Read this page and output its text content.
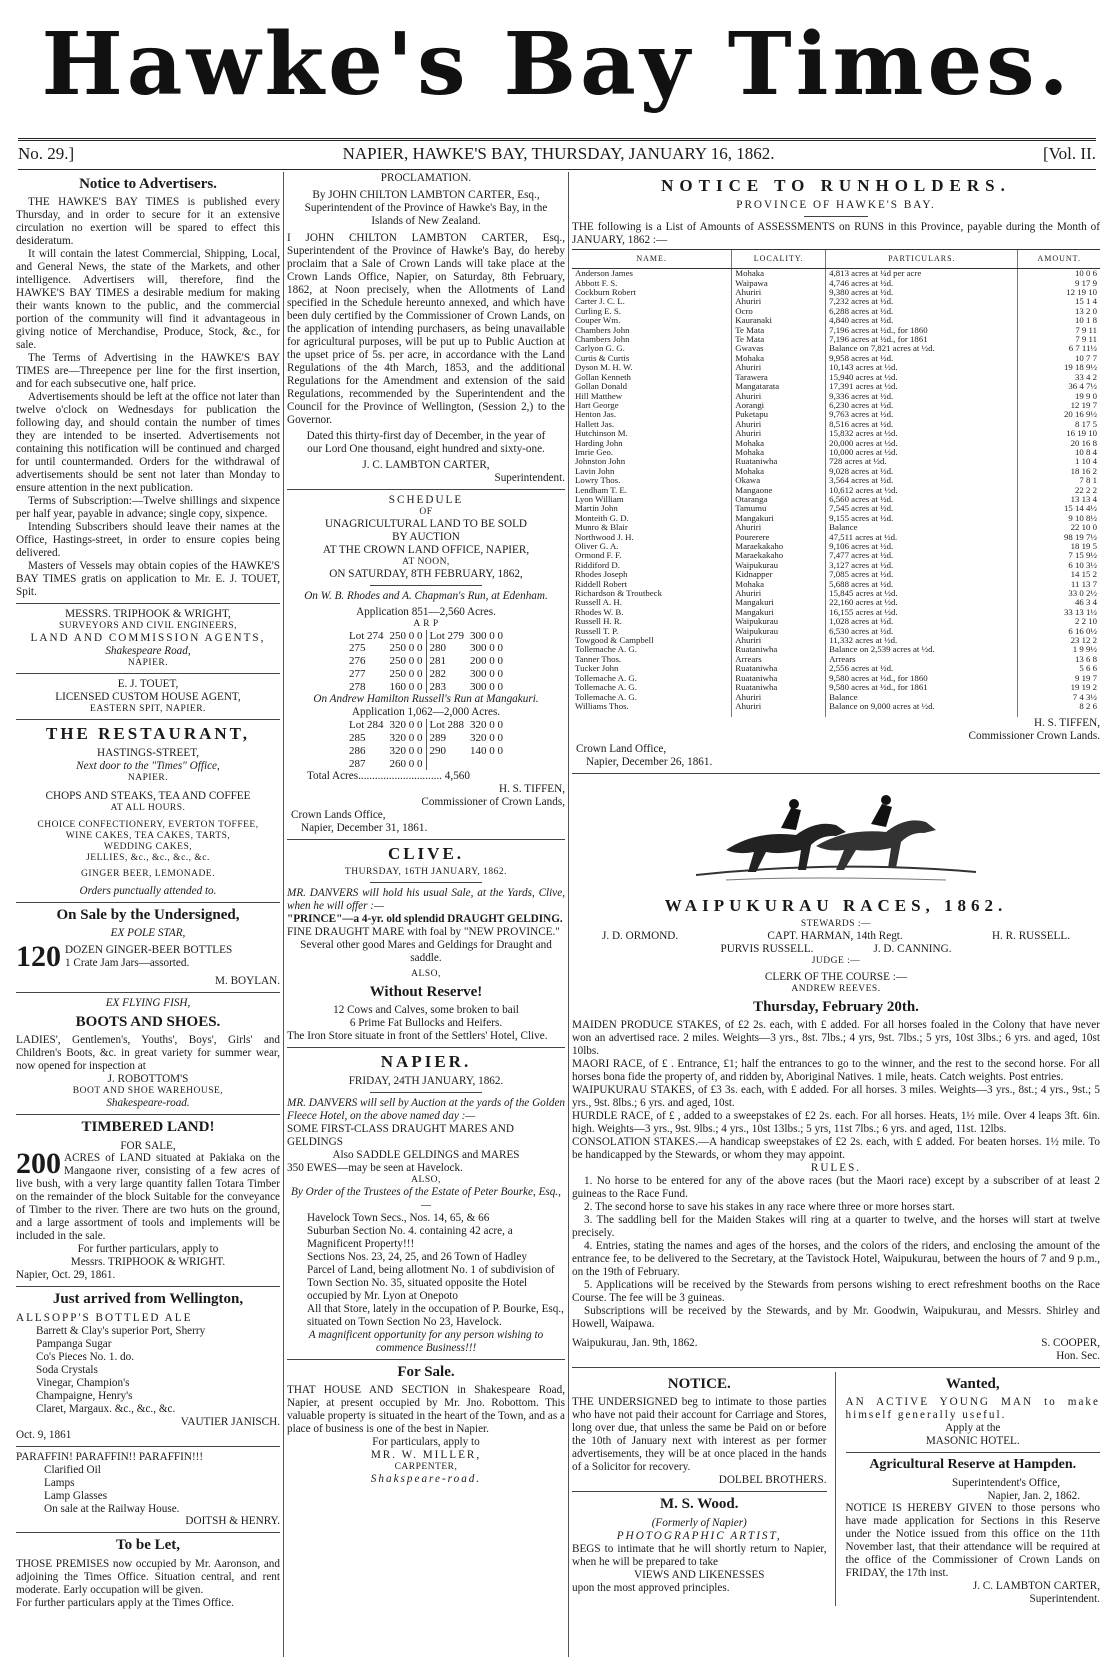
Hawke's Bay Times.
No. 29.]	NAPIER, HAWKE'S BAY, THURSDAY, JANUARY 16, 1862.	[Vol. II.
Notice to Advertisers.

THE HAWKE'S BAY TIMES is published every Thursday, and in order to secure for it an extensive circulation no exertion will be spared to effect this desideratum.

It will contain the latest Commercial, Shipping, Local, and General News, the state of the Markets, and other intelligence. Advertisers will, therefore, find the HAWKE'S BAY TIMES a desirable medium for making their wants known to the public, and the commercial portion of the community will find it advantageous in giving notice of Merchandise, Produce, Stock, &c., for sale.

The Terms of Advertising in the HAWKE'S BAY TIMES are—Threepence per line for the first insertion, and for each subsecutive one, half price.

Advertisements should be left at the office not later than twelve o'clock on Wednesdays for publication the following day, and should contain the number of times they are intended to be inserted. Advertisements not containing this notification will be continued and charged for until countermanded. Orders for the withdrawal of advertisements should be sent not later than Monday to ensure attention in the next publication.

Terms of Subscription:—Twelve shillings and sixpence per half year, payable in advance; single copy, sixpence.

Intending Subscribers should leave their names at the Office, Hastings-street, in order to ensure copies being delivered.

Masters of Vessels may obtain copies of the HAWKE'S BAY TIMES gratis on application to Mr. E. J. TOUET, Spit.

MESSRS. TRIPHOOK & WRIGHT,

SURVEYORS AND CIVIL ENGINEERS,

LAND AND COMMISSION AGENTS,

Shakespeare Road,

NAPIER.

E. J. TOUET,

LICENSED CUSTOM HOUSE AGENT,

EASTERN SPIT, NAPIER.

THE RESTAURANT,

HASTINGS-STREET,

Next door to the "Times" Office,

NAPIER.

CHOPS AND STEAKS, TEA AND COFFEE

AT ALL HOURS.

CHOICE CONFECTIONERY, EVERTON TOFFEE,

WINE CAKES, TEA CAKES, TARTS,

WEDDING CAKES,

JELLIES, &c., &c., &c., &c.

GINGER BEER, LEMONADE.

Orders punctually attended to.

On Sale by the Undersigned,

EX POLE STAR,

120 DOZEN GINGER-BEER BOTTLES
1 Crate Jam Jars—assorted.

M. BOYLAN.

EX FLYING FISH,

BOOTS AND SHOES.

LADIES', Gentlemen's, Youths', Boys', Girls' and Children's Boots, &c. in great variety for summer wear, now opened for inspection at

J. ROBOTTOM'S

BOOT AND SHOE WAREHOUSE,

Shakespeare-road.

TIMBERED LAND!

FOR SALE,

200 ACRES of LAND situated at Pakiaka on the Mangaone river, consisting of a few acres of live bush, with a very large quantity fallen Totara Timber on the remainder of the block Suitable for the conveyance of Timber to the river. There are two huts on the ground, and a large assortment of tools and implements will be included in the sale.

For further particulars, apply to

Messrs. TRIPHOOK & WRIGHT.

Napier, Oct. 29, 1861.

Just arrived from Wellington,

ALLSOPP'S BOTTLED ALE

Barrett & Clay's superior Port, Sherry

Pampanga Sugar

Co's Pieces No. 1. do.

Soda Crystals

Vinegar, Champion's

Champaigne, Henry's

Claret, Margaux. &c., &c., &c.

VAUTIER JANISCH.

Oct. 9, 1861

PARAFFIN! PARAFFIN!! PARAFFIN!!!

Clarified Oil

Lamps

Lamp Glasses

On sale at the Railway House.

DOITSH & HENRY.

To be Let,

THOSE PREMISES now occupied by Mr. Aaronson, and adjoining the Times Office. Situation central, and rent moderate. Early occupation will be given.

For further particulars apply at the Times Office.

PROCLAMATION.

By JOHN CHILTON LAMBTON CARTER, Esq., Superintendent of the Province of Hawke's Bay, in the Islands of New Zealand.

I JOHN CHILTON LAMBTON CARTER, Esq., Superintendent of the Province of Hawke's Bay, do hereby proclaim that a Sale of Crown Lands will take place at the Crown Lands Office, Napier, on Saturday, 8th February, 1862, at Noon precisely, when the Allotments of Land specified in the Schedule hereunto annexed, and which have been duly certified by the Commissioner of Crown Lands, on the application of intending purchasers, as being unavailable for agricultural purposes, will be put up to Public Auction at the upset price of 5s. per acre, in accordance with the Land Regulations of the 4th March, 1853, and the additional Regulations for the Amendment and extension of the said Regulations, recommended by the Superintendent and the Council for the Province of Wellington, (Session 2,) to the Governor.

Dated this thirty-first day of December, in the year of our Lord One thousand, eight hundred and sixty-one.

J. C. LAMBTON CARTER,

Superintendent.

SCHEDULE

OF

UNAGRICULTURAL LAND TO BE SOLD

BY AUCTION

AT THE CROWN LAND OFFICE, NAPIER,

AT NOON,

ON SATURDAY, 8TH FEBRUARY, 1862,

On W. B. Rhodes and A. Chapman's Run, at Edenham.

Application 851—2,560 Acres.

A R P

Lot 274	250 0 0	Lot 279	300 0 0
275	250 0 0	280	300 0 0
276	250 0 0	281	200 0 0
277	250 0 0	282	300 0 0
278	160 0 0	283	300 0 0

On Andrew Hamilton Russell's Run at Mangakuri.

Application 1,062—2,000 Acres.

Lot 284	320 0 0	Lot 288	320 0 0
285	320 0 0	289	320 0 0
286	320 0 0	290	140 0 0
287	260 0 0		

Total Acres.............................. 4,560

H. S. TIFFEN,

Commissioner of Crown Lands,

Crown Lands Office,

Napier, December 31, 1861.

CLIVE.

THURSDAY, 16TH JANUARY, 1862.

MR. DANVERS will hold his usual Sale, at the Yards, Clive, when he will offer :—

"PRINCE"—a 4-yr. old splendid DRAUGHT GELDING.

FINE DRAUGHT MARE with foal by "NEW PROVINCE."

Several other good Mares and Geldings for Draught and saddle.

ALSO,

Without Reserve!

12 Cows and Calves, some broken to bail

6 Prime Fat Bullocks and Heifers.

The Iron Store situate in front of the Settlers' Hotel, Clive.

NAPIER.

FRIDAY, 24TH JANUARY, 1862.

MR. DANVERS will sell by Auction at the yards of the Golden Fleece Hotel, on the above named day :—

SOME FIRST-CLASS DRAUGHT MARES AND GELDINGS

Also SADDLE GELDINGS and MARES

350 EWES—may be seen at Havelock.

ALSO,

By Order of the Trustees of the Estate of Peter Bourke, Esq.,—

Havelock Town Secs., Nos. 14, 65, & 66

Suburban Section No. 4. containing 42 acre, a Magnificent Property!!!

Sections Nos. 23, 24, 25, and 26 Town of Hadley

Parcel of Land, being allotment No. 1 of subdivision of Town Section No. 35, situated opposite the Hotel occupied by Mr. Lyon at Onepoto

All that Store, lately in the occupation of P. Bourke, Esq., situated on Town Section No 23, Havelock.

A magnificent opportunity for any person wishing to commence Business!!!

For Sale.

THAT HOUSE AND SECTION in Shakespeare Road, Napier, at present occupied by Mr. Jno. Robottom. This valuable property is situated in the heart of the Town, and as a place of business is one of the best in Napier.

For particulars, apply to

MR. W. MILLER,

CARPENTER,

Shakspeare-road.

NOTICE TO RUNHOLDERS.

PROVINCE OF HAWKE'S BAY.

THE following is a List of Amounts of ASSESSMENTS on RUNS in this Province, payable during the Month of JANUARY, 1862 :—

NAME.	LOCALITY.	PARTICULARS.	AMOUNT.
Anderson James	Mohaka	4,813 acres at ¼d per acre	10 0 6
Abbott F. S.	Waipawa	4,746 acres at ½d.	9 17 9
Cockburn Robert	Ahuriri	9,380 acres at ½d.	12 19 10
Carter J. C. L.	Ahuriri	7,232 acres at ½d.	15 1 4
Curling E. S.	Ocro	6,288 acres at ½d.	13 2 0
Couper Wm.	Kauranaki	4,840 acres at ½d.	10 1 8
Chambers John	Te Mata	7,196 acres at ½d., for 1860	7 9 11
Chambers John	Te Mata	7,196 acres at ½d., for 1861	7 9 11
Carlyon G. G.	Gwavas	Balance on 7,821 acres at ½d.	6 7 11½
Curtis & Curtis	Mohaka	9,958 acres at ½d.	10 7 7
Dyson M. H. W.	Ahuriri	10,143 acres at ½d.	19 18 9½
Gollan Kenneth	Tarawera	15,940 acres at ½d.	33 4 2
Gollan Donald	Mangatarata	17,391 acres at ½d.	36 4 7½
Hill Matthew	Ahuriri	9,336 acres at ½d.	19 9 0
Hart George	Aorangi	6,230 acres at ½d.	12 19 7
Henton Jas.	Puketapu	9,763 acres at ½d.	20 16 9½
Hallett Jas.	Ahuriri	8,516 acres at ½d.	8 17 5
Hutchinson M.	Ahuriri	15,832 acres at ½d.	16 19 10
Harding John	Mohaka	20,000 acres at ½d.	20 16 8
Imrie Geo.	Mohaka	10,000 acres at ½d.	10 8 4
Johnston John	Ruataniwha	728 acres at ½d.	1 10 4
Lavin John	Mohaka	9,028 acres at ½d.	18 16 2
Lowry Thos.	Okawa	3,564 acres at ½d.	7 8 1
Lendham T. E.	Mangaone	10,612 acres at ½d.	22 2 2
Lyon William	Otaranga	6,560 acres at ½d.	13 13 4
Martin John	Tamumu	7,545 acres at ½d.	15 14 4½
Monteith G. D.	Mangakuri	9,155 acres at ½d.	9 10 8½
Munro & Blair	Ahuriri	Balance	22 10 0
Northwood J. H.	Pourerere	47,511 acres at ½d.	98 19 7½
Oliver G. A.	Maraekakaho	9,106 acres at ½d.	18 19 5
Ormond F. F.	Maraekakaho	7,477 acres at ½d.	7 15 9½
Riddiford D.	Waipukurau	3,127 acres at ½d.	6 10 3½
Rhodes Joseph	Kidnapper	7,085 acres at ½d.	14 15 2
Riddell Robert	Mohaka	5,688 acres at ½d.	11 13 7
Richardson & Troutbeck	Ahuriri	15,845 acres at ½d.	33 0 2½
Russell A. H.	Mangakuri	22,160 acres at ½d.	46 3 4
Rhodes W. B.	Mangakuri	16,155 acres at ½d.	33 13 1½
Russell H. R.	Waipukurau	1,028 acres at ½d.	2 2 10
Russell T. P.	Waipukurau	6,530 acres at ½d.	6 16 0½
Towgood & Campbell	Ahuriri	11,332 acres at ½d.	23 12 2
Tollemache A. G.	Ruataniwha	Balance on 2,539 acres at ½d.	1 9 9½
Tanner Thos.	Arrears	Arrears	13 6 8
Tucker John	Ruataniwha	2,556 acres at ½d.	5 6 6
Tollemache A. G.	Ruataniwha	9,580 acres at ½d., for 1860	9 19 7
Tollemache A. G.	Ruataniwha	9,580 acres at ½d., for 1861	19 19 2
Tollemache A. G.	Ahuriri	Balance	7 4 3½
Williams Thos.	Ahuriri	Balance on 9,000 acres at ½d.	8 2 6

H. S. TIFFEN,

Commissioner Crown Lands.

Crown Land Office,

Napier, December 26, 1861.

WAIPUKURAU RACES, 1862.

STEWARDS :—

J. D. ORMOND.	CAPT. HARMAN, 14th Regt.	H. R. RUSSELL.
PURVIS RUSSELL.	J. D. CANNING.

JUDGE :—

CLERK OF THE COURSE :—

ANDREW REEVES.

Thursday, February 20th.

MAIDEN PRODUCE STAKES, of £2 2s. each, with £ added. For all horses foaled in the Colony that have never won an advertised race. 2 miles. Weights—3 yrs., 8st. 7lbs.; 4 yrs, 9st. 7lbs.; 5 yrs, 10st 3lbs.; 6 yrs. and aged, 10st 10lbs.

MAORI RACE, of £ . Entrance, £1; half the entrances to go to the winner, and the rest to the second horse. For all horses bona fide the property of, and ridden by, Aboriginal Natives. 1 mile, heats. Catch weights. Post entries.

WAIPUKURAU STAKES, of £3 3s. each, with £ added. For all horses. 3 miles. Weights—3 yrs., 8st.; 4 yrs., 9st.; 5 yrs., 9st. 8lbs.; 6 yrs. and aged, 10st.

HURDLE RACE, of £ , added to a sweepstakes of £2 2s. each. For all horses. Heats, 1½ mile. Over 4 leaps 3ft. 6in. high. Weights—3 yrs., 9st. 9lbs.; 4 yrs., 10st 13lbs.; 5 yrs, 11st 7lbs.; 6 yrs. and aged, 11st. 12lbs.

CONSOLATION STAKES.—A handicap sweepstakes of £2 2s. each, with £ added. For beaten horses. 1½ mile. To be handicapped by the Stewards, or whom they may appoint.

RULES.

1. No horse to be entered for any of the above races (but the Maori race) except by a subscriber of at least 2 guineas to the Race Fund.

2. The second horse to save his stakes in any race where three or more horses start.

3. The saddling bell for the Maiden Stakes will ring at a quarter to twelve, and the horses will start at twelve precisely.

4. Entries, stating the names and ages of the horses, and the colors of the riders, and enclosing the amount of the entrance fee, to be delivered to the Secretary, at the Tavistock Hotel, Waipukurau, between the hours of 7 and 9 p.m., on the 19th of February.

5. Applications will be received by the Stewards from persons wishing to erect refreshment booths on the Race Course. The fee will be 3 guineas.

Subscriptions will be received by the Stewards, and by Mr. Goodwin, Waipukurau, and Messrs. Shirley and Howell, Waipawa.

Waipukurau, Jan. 9th, 1862.	S. COOPER,

Hon. Sec.

NOTICE.

THE UNDERSIGNED beg to intimate to those parties who have not paid their account for Carriage and Stores, long over due, that unless the same be Paid on or before the 10th of January next with interest as per former advertisements, they will be at once placed in the hands of a Solicitor for recovery.

DOLBEL BROTHERS.

M. S. Wood.

(Formerly of Napier)

PHOTOGRAPHIC ARTIST,

BEGS to intimate that he will shortly return to Napier, when he will be prepared to take

VIEWS AND LIKENESSES

upon the most approved principles.

Wanted,

AN ACTIVE YOUNG MAN to make himself generally useful.

Apply at the

MASONIC HOTEL.

Agricultural Reserve at Hampden.

Superintendent's Office,

Napier, Jan. 2, 1862.

NOTICE IS HEREBY GIVEN to those persons who have made application for Sections in this Reserve under the Notice issued from this office on the 11th November last, that their attendance will be required at the office of the Commissioner of Crown Lands on FRIDAY, the 17th inst.

J. C. LAMBTON CARTER,

Superintendent.
